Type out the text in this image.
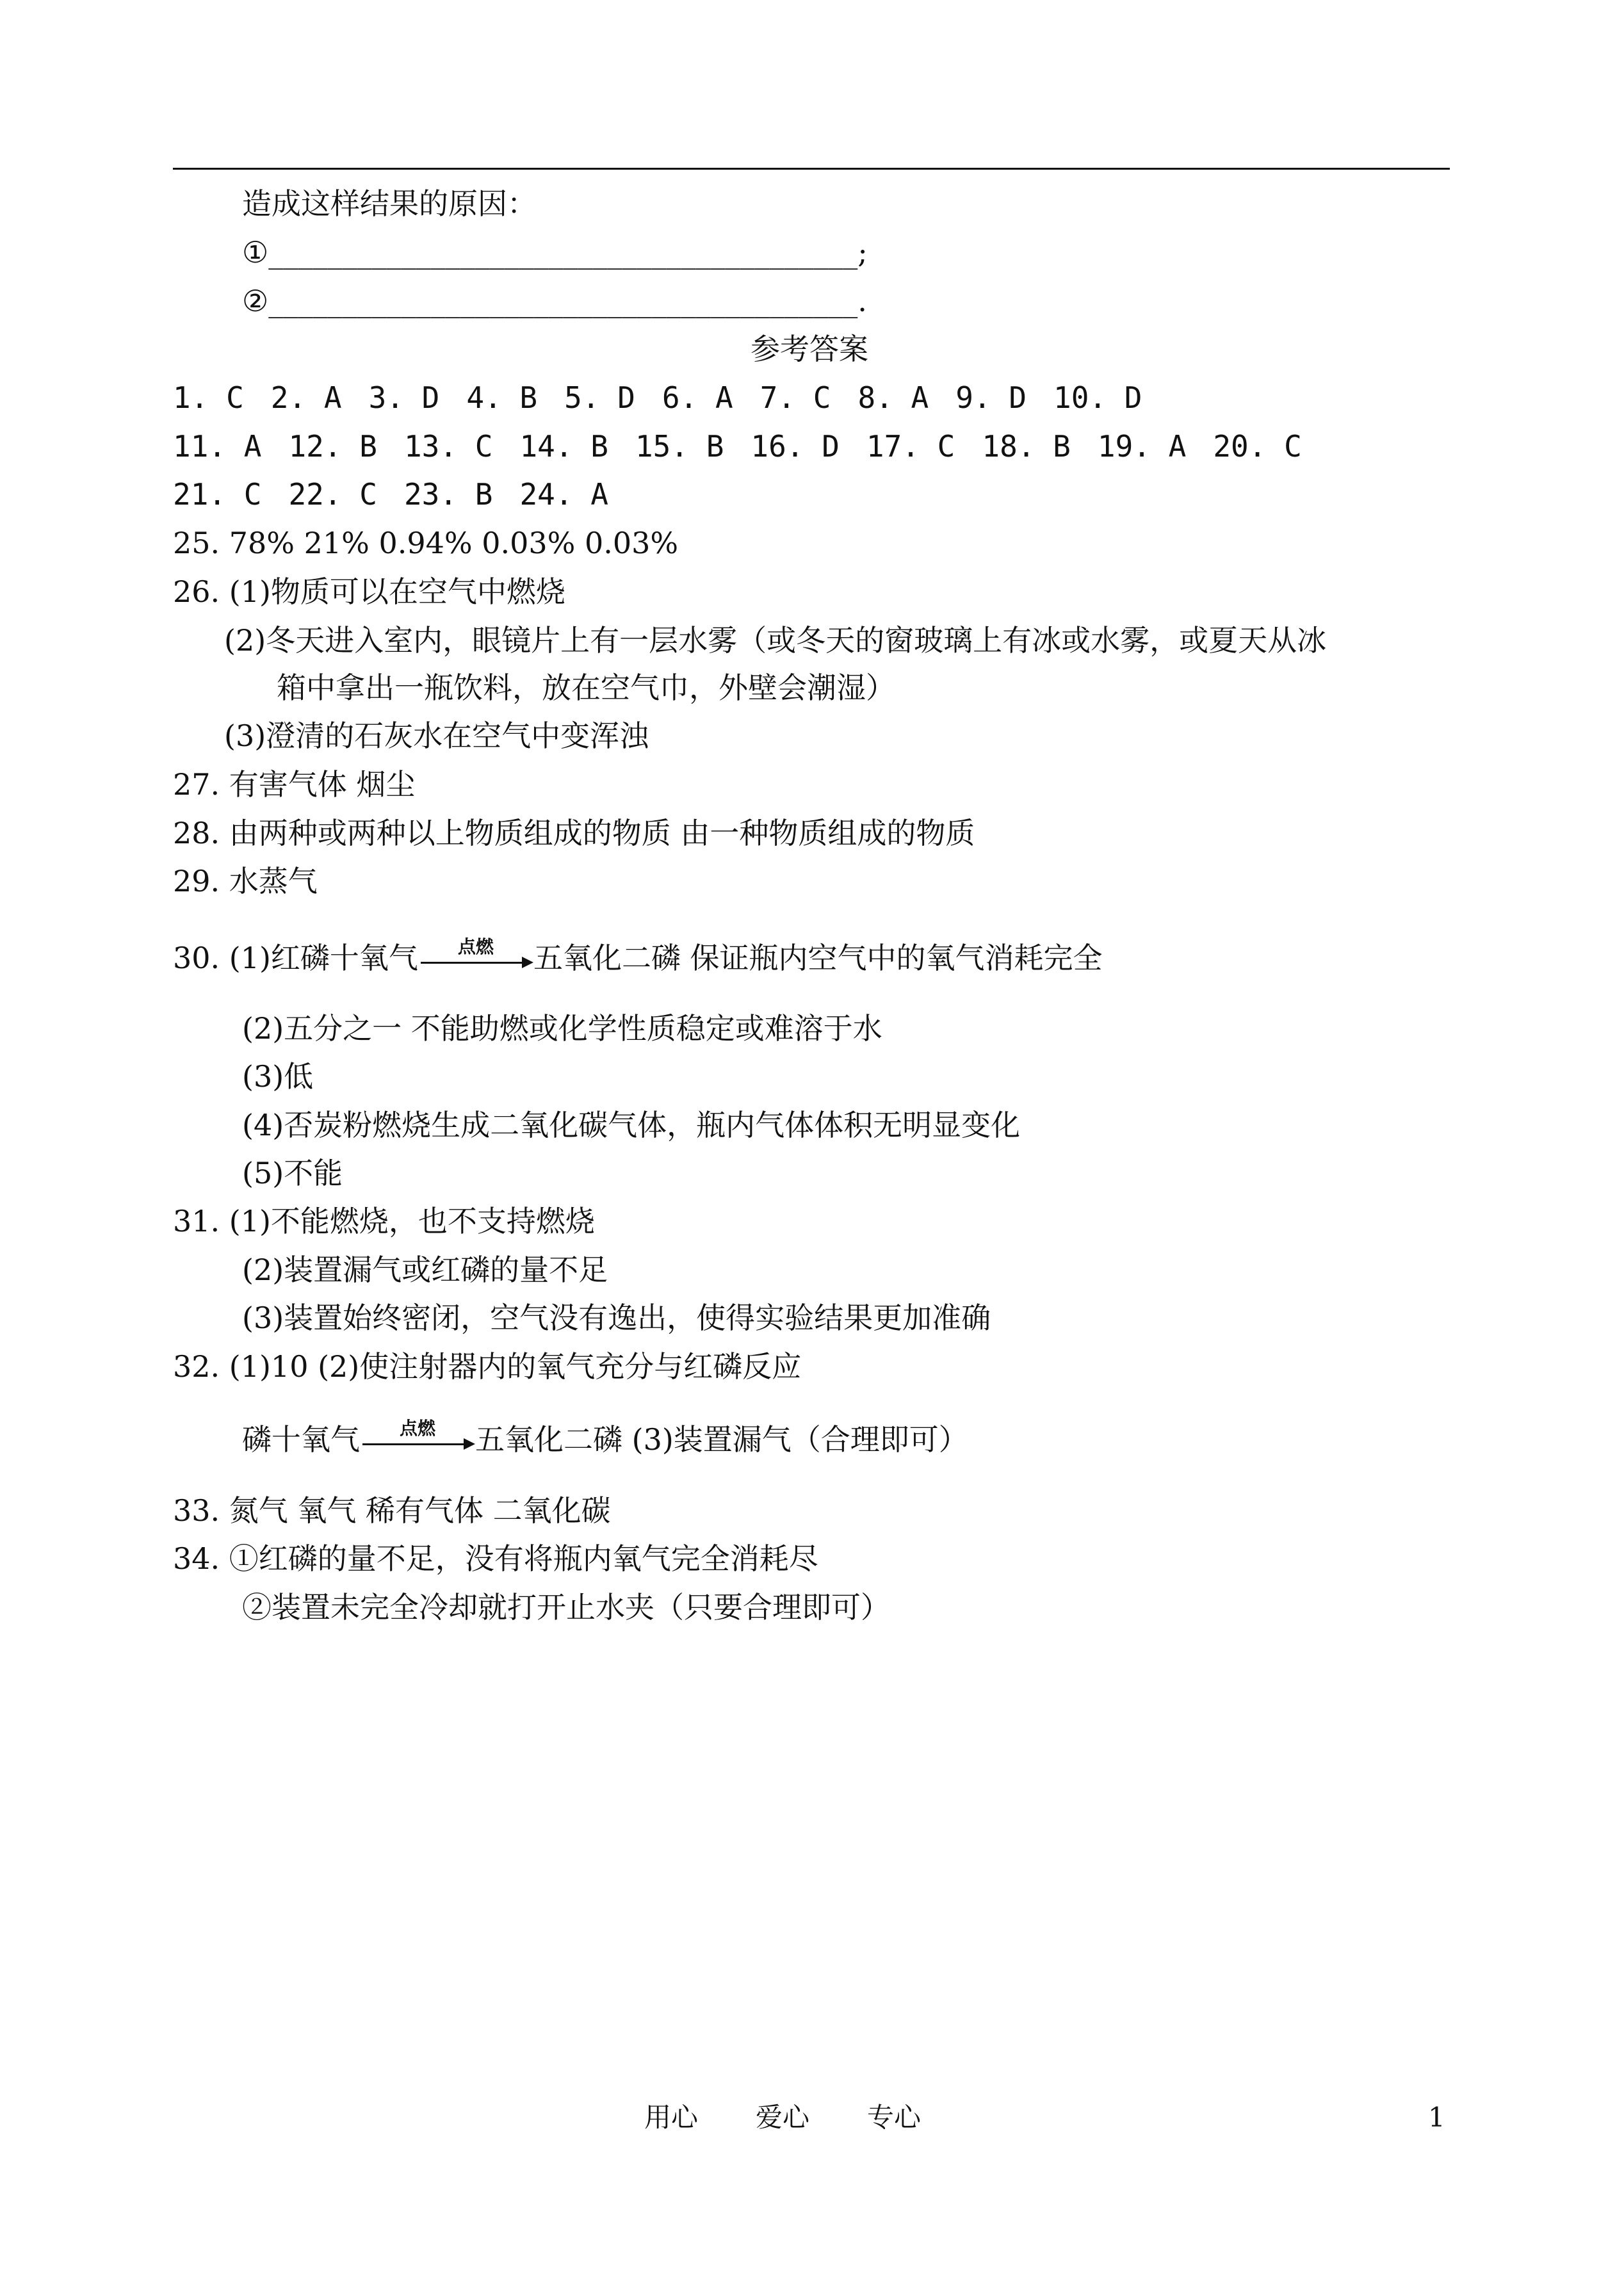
造成这样结果的原因：
①________________________________________;
②________________________________________.
参考答案
1. C 2. A 3. D 4. B 5. D 6. A 7. C 8. A 9. D 10. D
11. A 12. B 13. C 14. B 15. B 16. D 17. C 18. B 19. A 20. C
21. C 22. C 23. B 24. A
25. 78% 21% 0.94% 0.03% 0.03%
26. (1)物质可以在空气中燃烧
(2)冬天进入室内，眼镜片上有一层水雾（或冬天的窗玻璃上有冰或水雾，或夏天从冰
箱中拿出一瓶饮料，放在空气巾，外壁会潮湿）
(3)澄清的石灰水在空气中变浑浊
27. 有害气体 烟尘
28. 由两种或两种以上物质组成的物质 由一种物质组成的物质
29. 水蒸气
30. (1)红磷十氧气	点燃	五氧化二磷 保证瓶内空气中的氧气消耗完全
(2)五分之一 不能助燃或化学性质稳定或难溶于水
(3)低
(4)否炭粉燃烧生成二氧化碳气体，瓶内气体体积无明显变化
(5)不能
31. (1)不能燃烧，也不支持燃烧
(2)装置漏气或红磷的量不足
(3)装置始终密闭，空气没有逸出，使得实验结果更加准确
32. (1)10 (2)使注射器内的氧气充分与红磷反应
磷十氧气	点燃	五氧化二磷 (3)装置漏气（合理即可）
33. 氮气 氧气 稀有气体 二氧化碳
34. ①红磷的量不足，没有将瓶内氧气完全消耗尽
②装置未完全冷却就打开止水夹（只要合理即可）
用心 爱心 专心	1
